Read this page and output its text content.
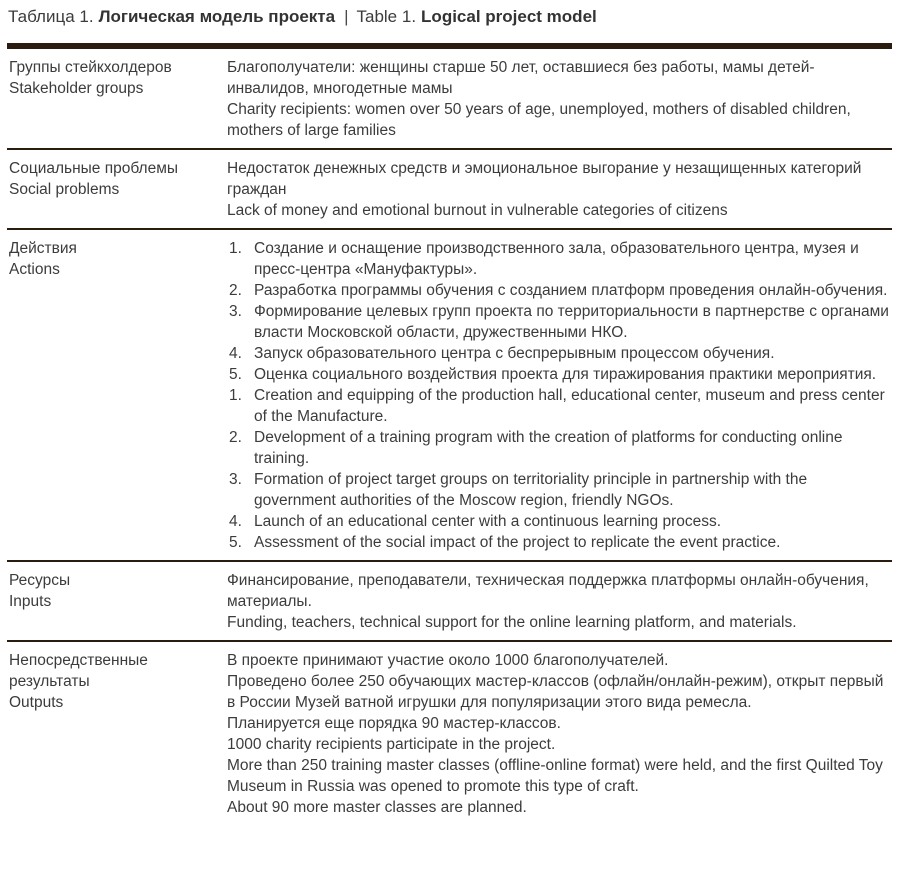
Таблица 1. Логическая модель проекта | Table 1. Logical project model
Группы стейкхолдеров
Stakeholder groups

Благополучатели: женщины старше 50 лет, оставшиеся без работы, мамы детей-инвалидов, многодетные мамы

Charity recipients: women over 50 years of age, unemployed, mothers of disabled children, mothers of large families

Социальные проблемы
Social problems

Недостаток денежных средств и эмоциональное выгорание у незащищенных категорий граждан

Lack of money and emotional burnout in vulnerable categories of citizens

Действия
Actions
Создание и оснащение производственного зала, образовательного центра, музея и пресс-центра «Мануфактуры».
Разработка программы обучения с созданием платформ проведения онлайн-обучения.
Формирование целевых групп проекта по территориальности в партнерстве с органами власти Московской области, дружественными НКО.
Запуск образовательного центра с беспрерывным процессом обучения.
Оценка социального воздействия проекта для тиражирования практики мероприятия.
Creation and equipping of the production hall, educational center, museum and press center of the Manufacture.
Development of a training program with the creation of platforms for conducting online training.
Formation of project target groups on territoriality principle in partnership with the government authorities of the Moscow region, friendly NGOs.
Launch of an educational center with a continuous learning process.
Assessment of the social impact of the project to replicate the event practice.
Ресурсы
Inputs

Финансирование, преподаватели, техническая поддержка платформы онлайн-обучения, материалы.

Funding, teachers, technical support for the online learning platform, and materials.

Непосредственные результаты
Outputs

В проекте принимают участие около 1000 благополучателей.

Проведено более 250 обучающих мастер-классов (офлайн/онлайн-режим), открыт первый в России Музей ватной игрушки для популяризации этого вида ремесла.

Планируется еще порядка 90 мастер-классов.

1000 charity recipients participate in the project.

More than 250 training master classes (offline-online format) were held, and the first Quilted Toy Museum in Russia was opened to promote this type of craft.

About 90 more master classes are planned.
